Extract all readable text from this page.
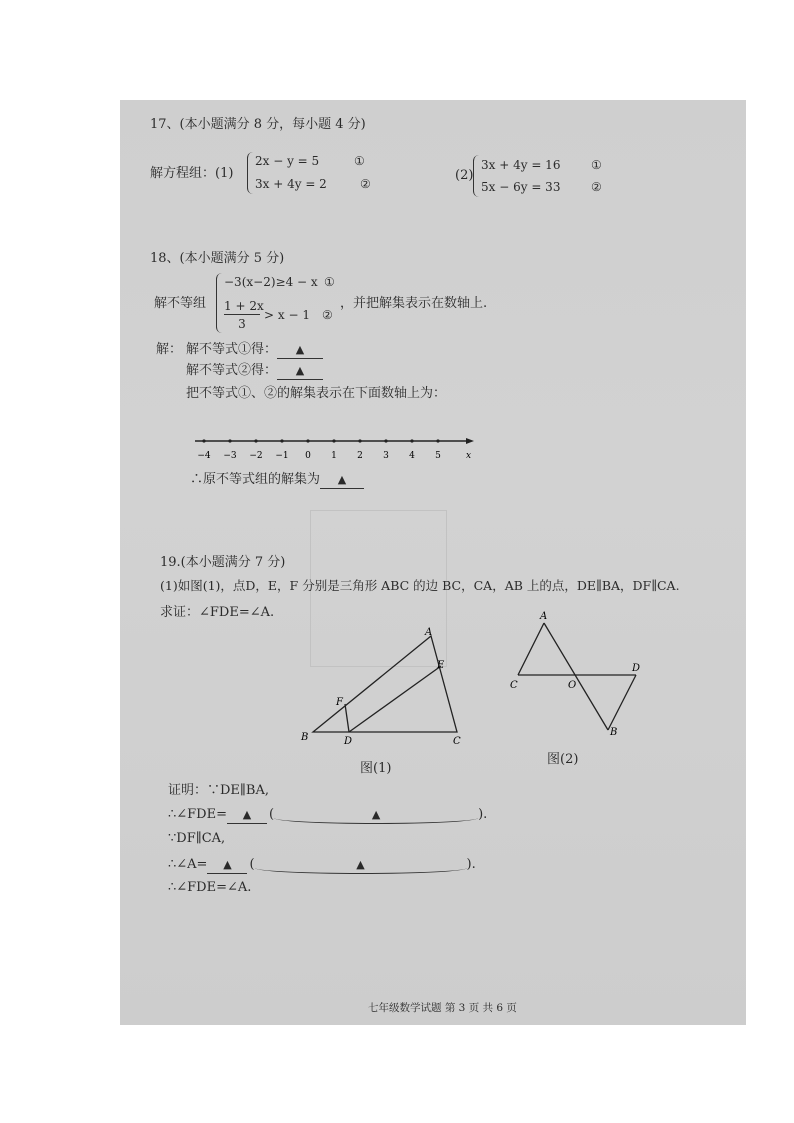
17、(本小题满分 8 分，每小题 4 分)
解方程组：(1)
2x − y = 5
3x + 4y = 2
①
②
(2)
3x + 4y = 16
5x − 6y = 33
①
②
18、(本小题满分 5 分)
解不等组
−3(x−2)≥4 − x ①
1 + 2x
3
> x − 1 ②
，并把解集表示在数轴上.
解： 解不等式①得： ▲
解不等式②得： ▲
把不等式①、②的解集表示在下面数轴上为：
−4 −3 −2 −1 0 1 2 3 4 5	x
∴原不等式组的解集为 ▲
19.(本小题满分 7 分)
(1)如图(1)，点D，E，F 分别是三角形 ABC 的边 BC，CA，AB 上的点，DE∥BA，DF∥CA.
求证：∠FDE=∠A.
A
E
F
B	D	C
图(1)
A
D
C	O
B
图(2)
证明：∵DE∥BA,
∴∠FDE= ▲ (	▲	).
∵DF∥CA,
∴∠A= ▲ (	▲	).
∴∠FDE=∠A.
七年级数学试题 第 3 页 共 6 页
